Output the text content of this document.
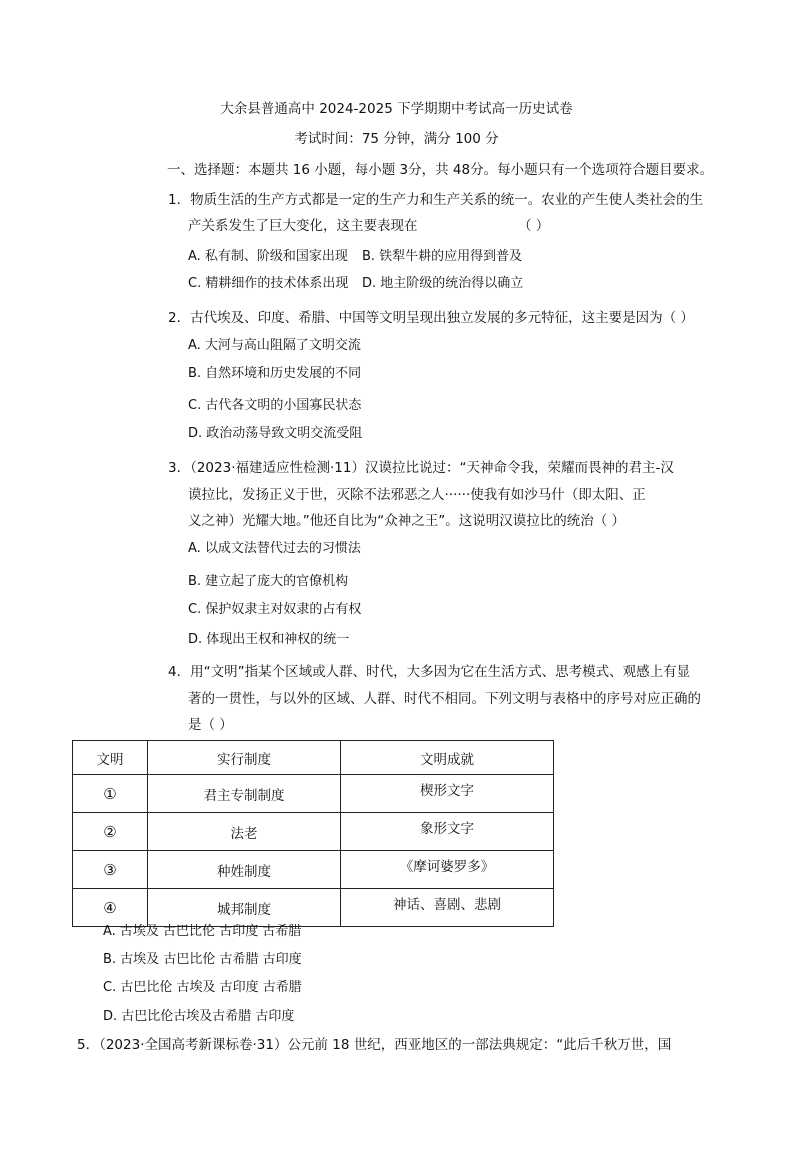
大余县普通高中 2024-2025 下学期期中考试高一历史试卷
考试时间：75 分钟，满分 100 分
一、选择题：本题共 16 小题，每小题 3分，共 48分。每小题只有一个选项符合题目要求。
1．物质生活的生产方式都是一定的生产力和生产关系的统一。农业的产生使人类社会的生
产关系发生了巨大变化，这主要表现在	（ ）
A. 私有制、阶级和国家出现 B. 铁犁牛耕的应用得到普及
C. 精耕细作的技术体系出现 D. 地主阶级的统治得以确立
2．古代埃及、印度、希腊、中国等文明呈现出独立发展的多元特征，这主要是因为（ ）
A. 大河与高山阻隔了文明交流
B. 自然环境和历史发展的不同
C. 古代各文明的小国寡民状态
D. 政治动荡导致文明交流受阻
3．（2023·福建适应性检测·11）汉谟拉比说过：“天神命令我，荣耀而畏神的君主-汉
谟拉比，发扬正义于世，灭除不法邪恶之人······使我有如沙马什（即太阳、正
义之神）光耀大地。”他还自比为“众神之王”。这说明汉谟拉比的统治（ ）
A. 以成文法替代过去的习惯法
B. 建立起了庞大的官僚机构
C. 保护奴隶主对奴隶的占有权
D. 体现出王权和神权的统一
4．用“文明”指某个区域或人群、时代，大多因为它在生活方式、思考模式、观感上有显
著的一贯性，与以外的区域、人群、时代不相同。下列文明与表格中的序号对应正确的
是（ ）
文明	实行制度	文明成就
①	君主专制制度	楔形文字
②	法老	象形文字
③	种姓制度	《摩诃婆罗多》
④	城邦制度	神话、喜剧、悲剧
A. 古埃及 古巴比伦 古印度 古希腊
B. 古埃及 古巴比伦 古希腊 古印度
C. 古巴比伦 古埃及 古印度 古希腊
D. 古巴比伦古埃及古希腊 古印度
5．（2023·全国高考新课标卷·31）公元前 18 世纪，西亚地区的一部法典规定：“此后千秋万世，国
